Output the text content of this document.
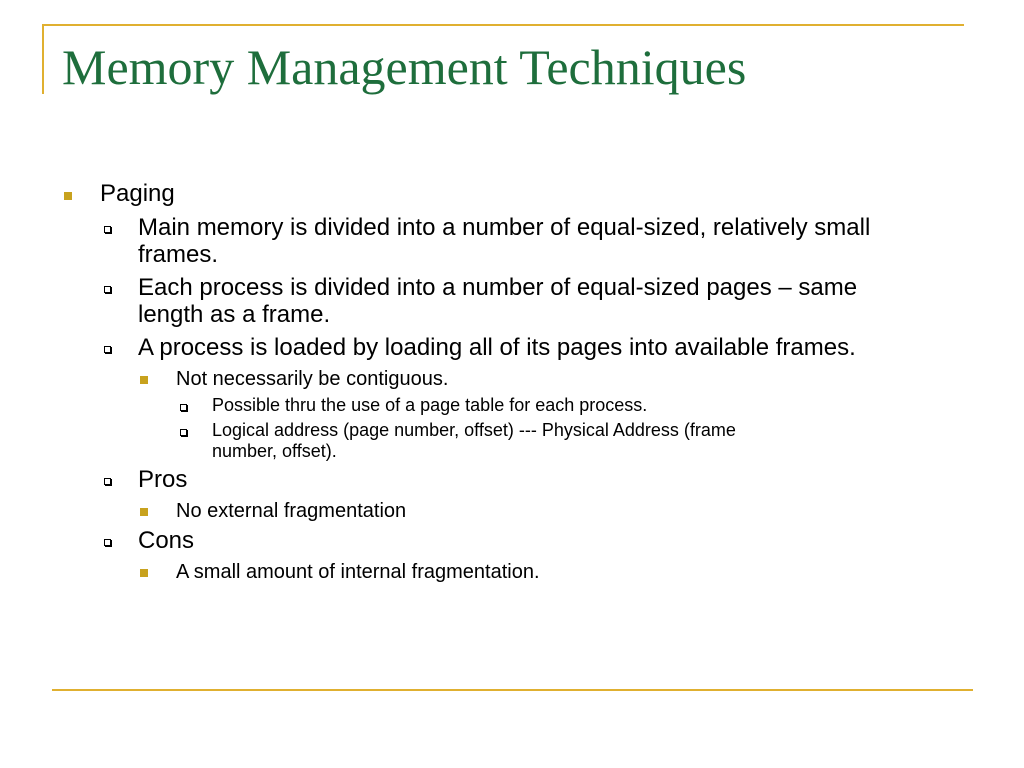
Memory Management Techniques
Paging
Main memory is divided into a number of equal-sized, relatively small frames.
Each process is divided into a number of equal-sized pages – same length as a frame.
A process is loaded by loading all of its pages into available frames.
Not necessarily be contiguous.
Possible thru the use of a page table for each process.
Logical address (page number, offset) --- Physical Address (frame number, offset).
Pros
No external fragmentation
Cons
A small amount of internal fragmentation.
